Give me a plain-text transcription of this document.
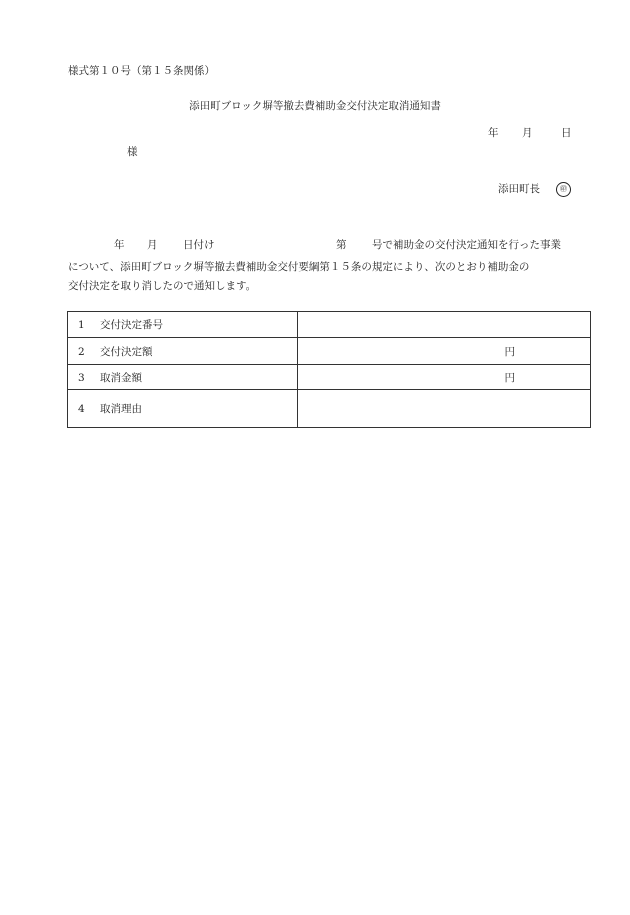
様式第１０号（第１５条関係）
添田町ブロック塀等撤去費補助金交付決定取消通知書
年 月	日
様
添田町長	㊞
年 月 日付け	第 号で補助金の交付決定通知を行った事業
について、添田町ブロック塀等撤去費補助金交付要綱第１５条の規定により、次のとおり補助金の
交付決定を取り消したので通知します。
1 交付決定番号	
2 交付決定額	円
3 取消金額	円
4 取消理由	
